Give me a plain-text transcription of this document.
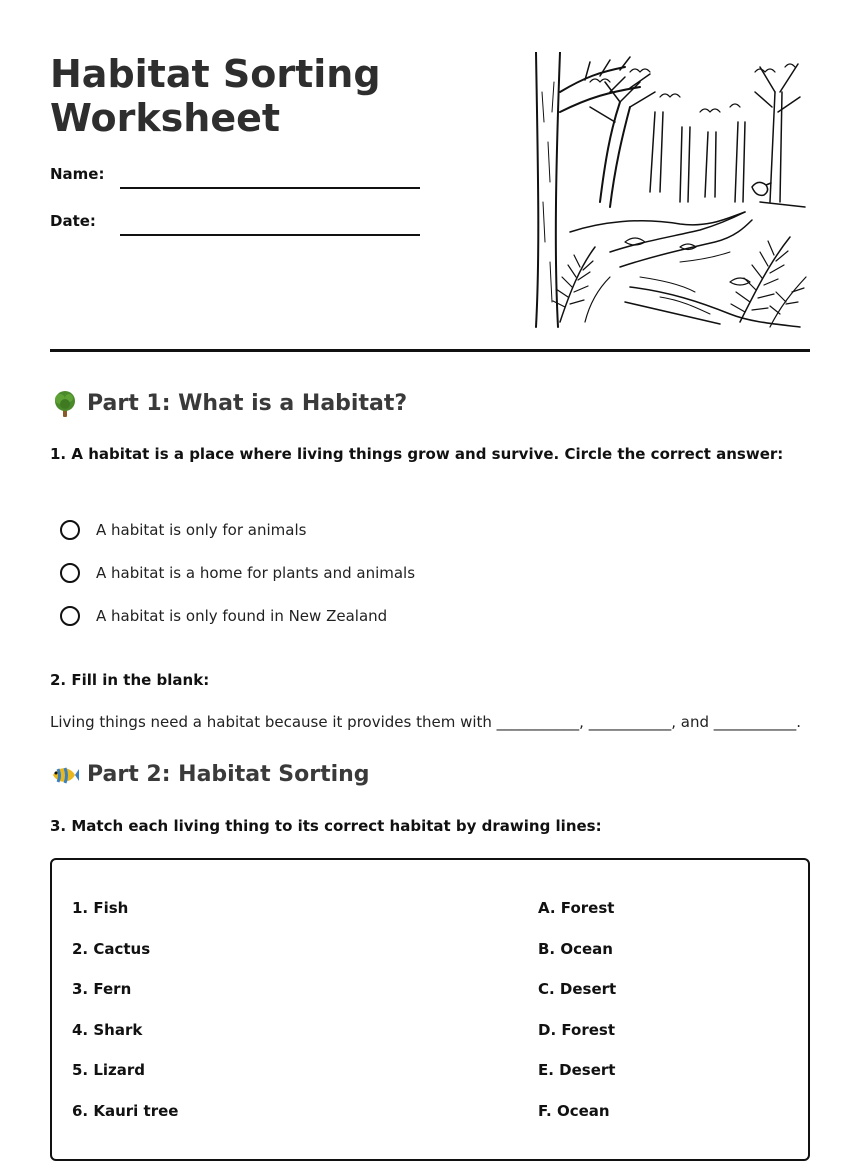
Habitat Sorting
Worksheet
Name:
Date:
Part 1: What is a Habitat?

1. A habitat is a place where living things grow and survive. Circle the correct answer:

A habitat is only for animals
A habitat is a home for plants and animals
A habitat is only found in New Zealand

2. Fill in the blank:

Living things need a habitat because it provides them with ___________, ___________, and ___________.
Part 2: Habitat Sorting

3. Match each living thing to its correct habitat by drawing lines:

1. Fish
2. Cactus
3. Fern
4. Shark
5. Lizard
6. Kauri tree
A. Forest
B. Ocean
C. Desert
D. Forest
E. Desert
F. Ocean
